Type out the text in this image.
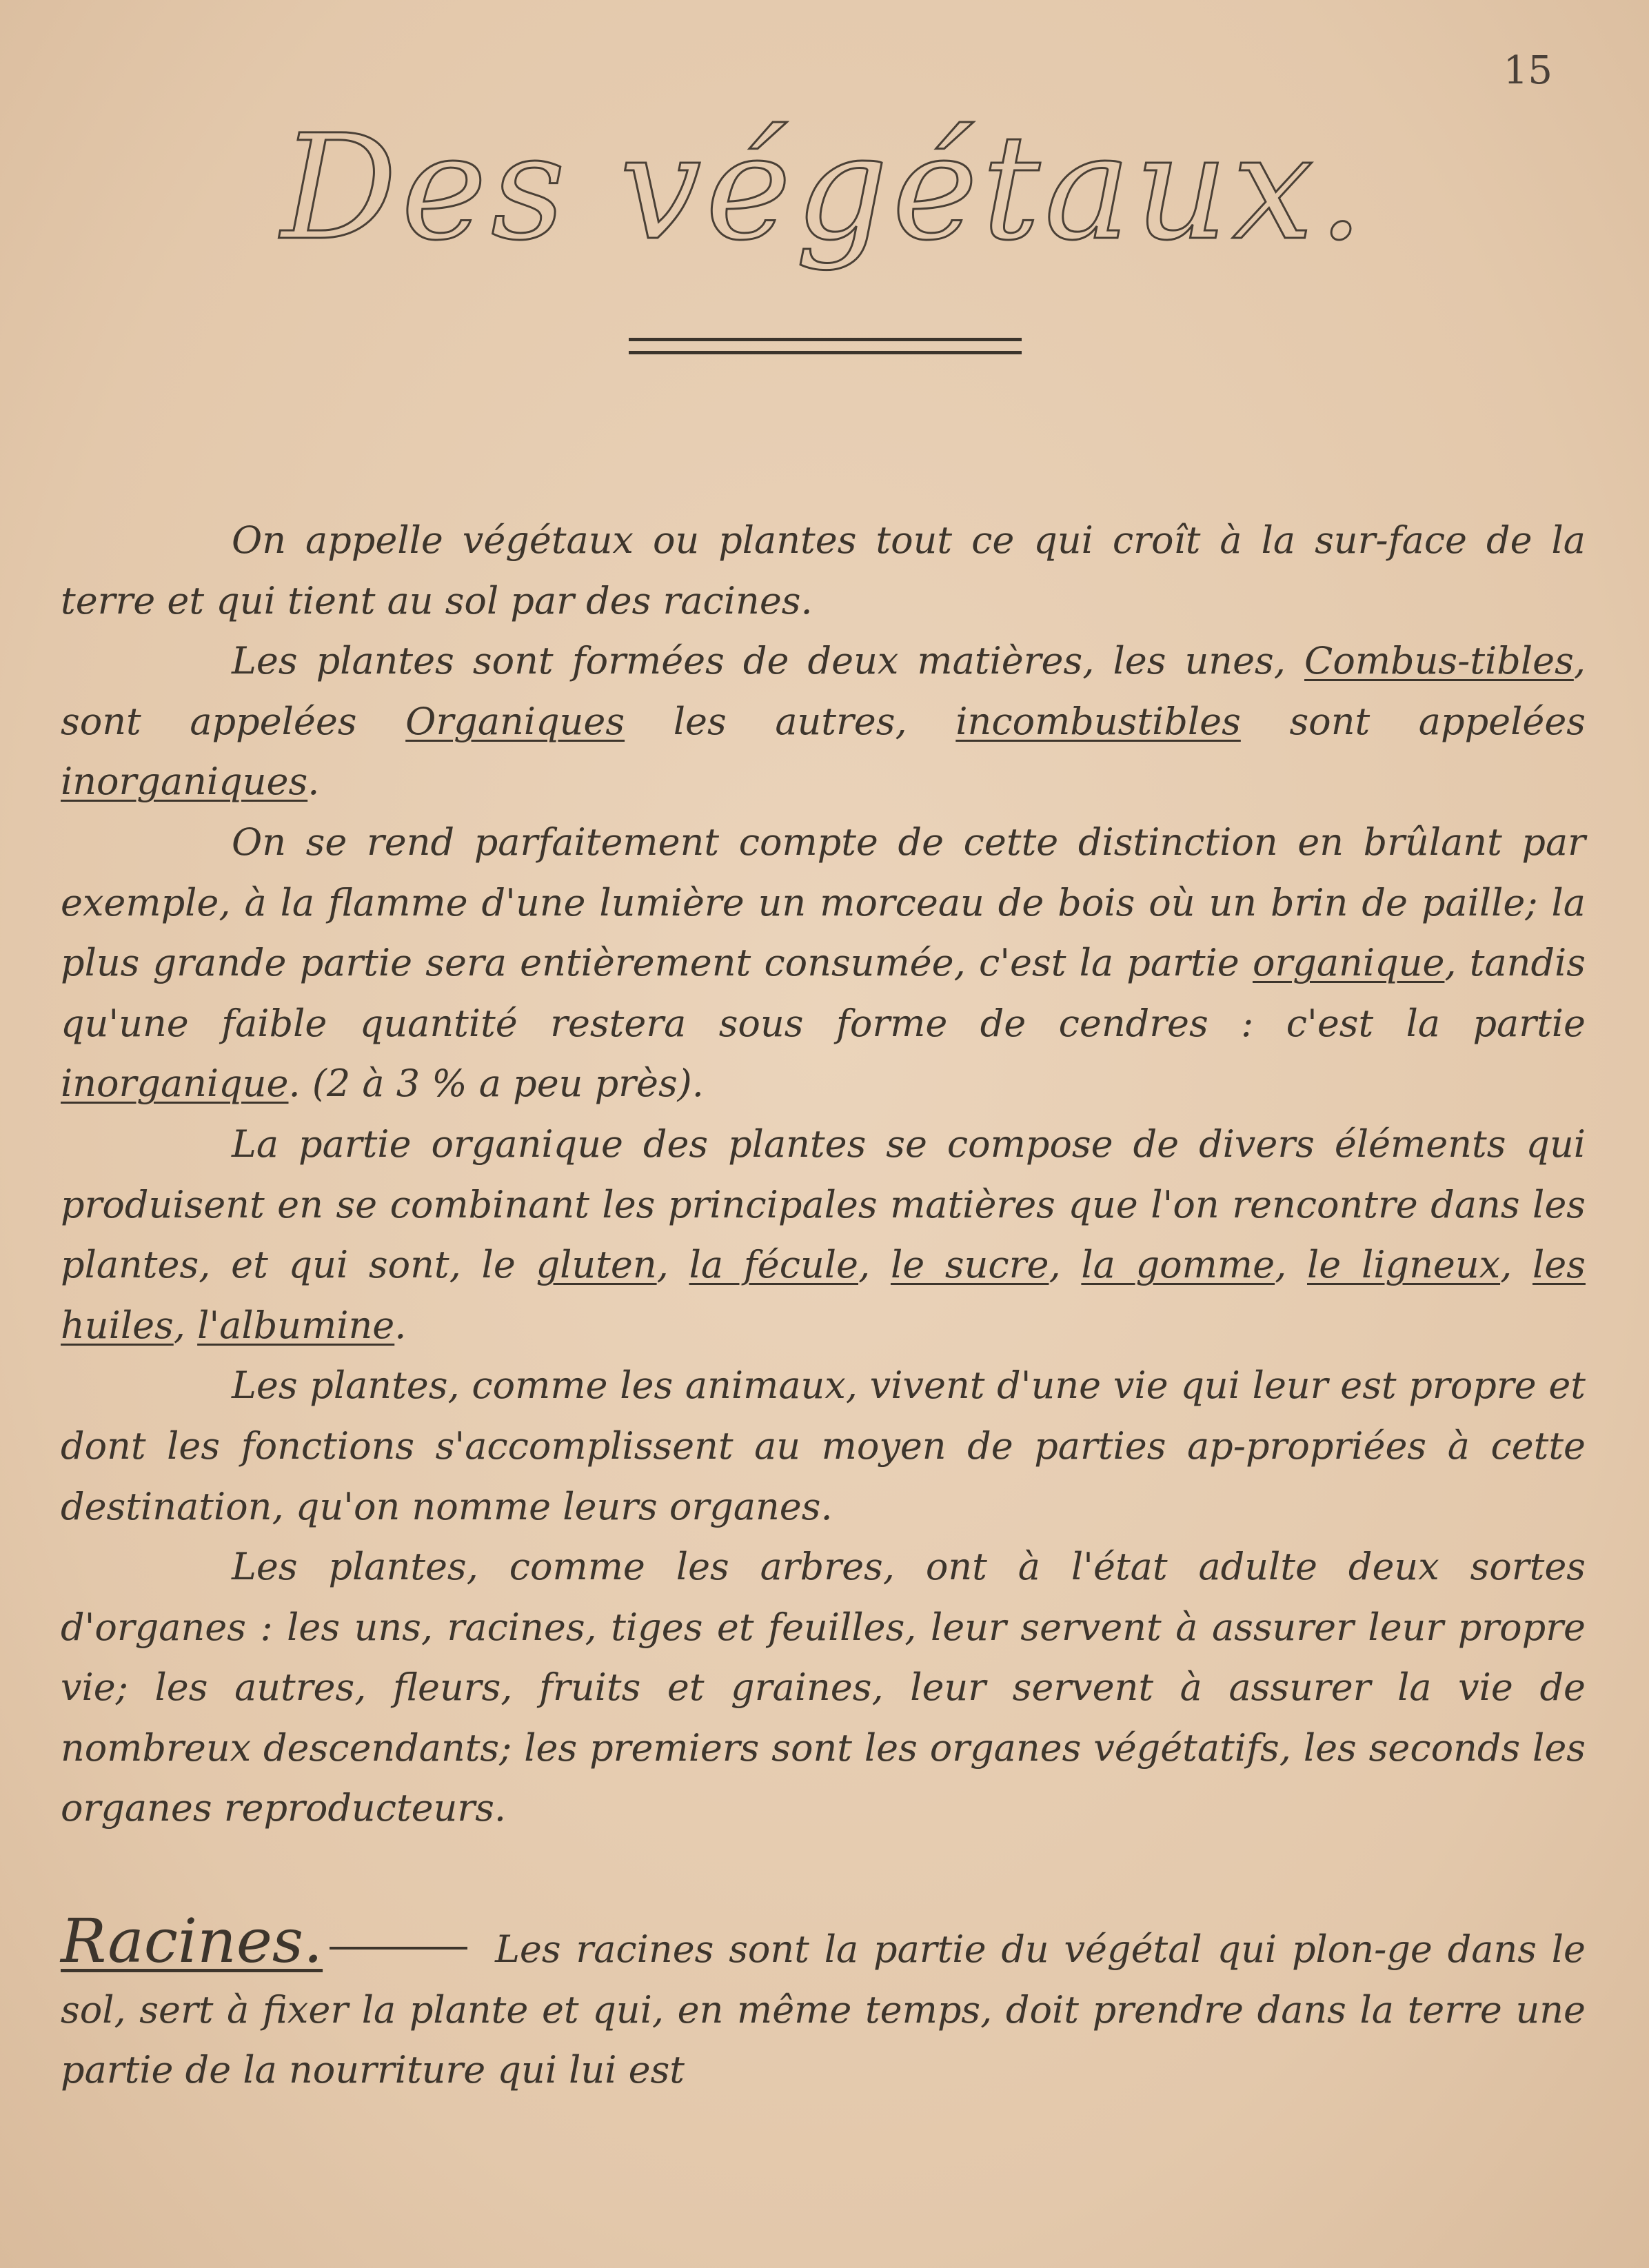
15
Des végétaux.

On appelle végétaux ou plantes tout ce qui croît à la sur-face de la terre et qui tient au sol par des racines.

Les plantes sont formées de deux matières, les unes, Combus-tibles, sont appelées Organiques les autres, incombustibles sont appelées inorganiques.

On se rend parfaitement compte de cette distinction en brûlant par exemple, à la flamme d'une lumière un morceau de bois où un brin de paille; la plus grande partie sera entièrement consumée, c'est la partie organique, tandis qu'une faible quantité restera sous forme de cendres : c'est la partie inorganique. (2 à 3 % a peu près).

La partie organique des plantes se compose de divers éléments qui produisent en se combinant les principales matières que l'on rencontre dans les plantes, et qui sont, le gluten, la fécule, le sucre, la gomme, le ligneux, les huiles, l'albumine.

Les plantes, comme les animaux, vivent d'une vie qui leur est propre et dont les fonctions s'accomplissent au moyen de parties ap-propriées à cette destination, qu'on nomme leurs organes.

Les plantes, comme les arbres, ont à l'état adulte deux sortes d'organes : les uns, racines, tiges et feuilles, leur servent à assurer leur propre vie; les autres, fleurs, fruits et graines, leur servent à assurer la vie de nombreux descendants; les premiers sont les organes végétatifs, les seconds les organes reproducteurs.

Racines.	Les racines sont la partie du végétal qui plon-ge dans le sol, sert à fixer la plante et qui, en même temps, doit prendre dans la terre une partie de la nourriture qui lui est
